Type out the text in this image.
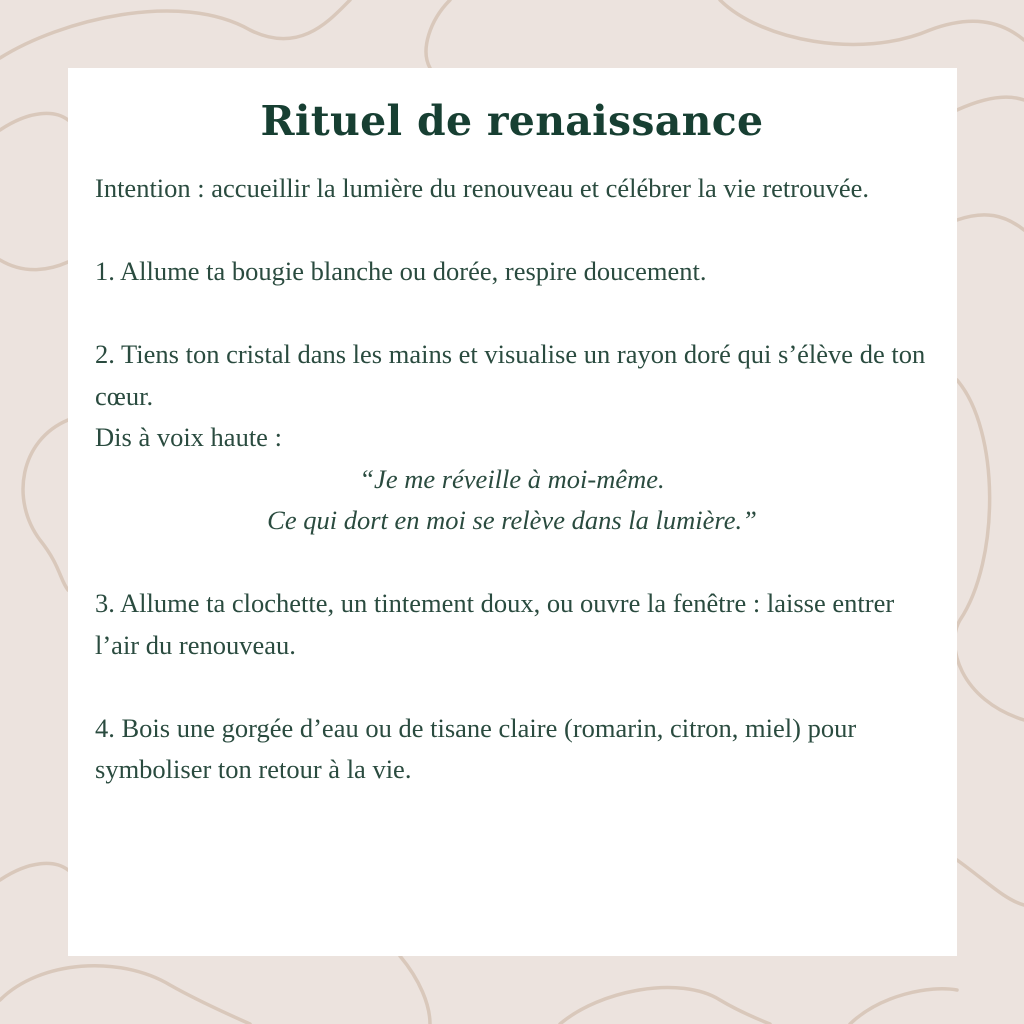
Rituel de renaissance

Intention : accueillir la lumière du renouveau et célébrer la vie retrouvée.

1. Allume ta bougie blanche ou dorée, respire doucement.

2. Tiens ton cristal dans les mains et visualise un rayon doré qui s’élève de ton cœur.

Dis à voix haute :

“Je me réveille à moi-même.
Ce qui dort en moi se relève dans la lumière.”

3. Allume ta clochette, un tintement doux, ou ouvre la fenêtre : laisse entrer l’air du renouveau.

4. Bois une gorgée d’eau ou de tisane claire (romarin, citron, miel) pour symboliser ton retour à la vie.
